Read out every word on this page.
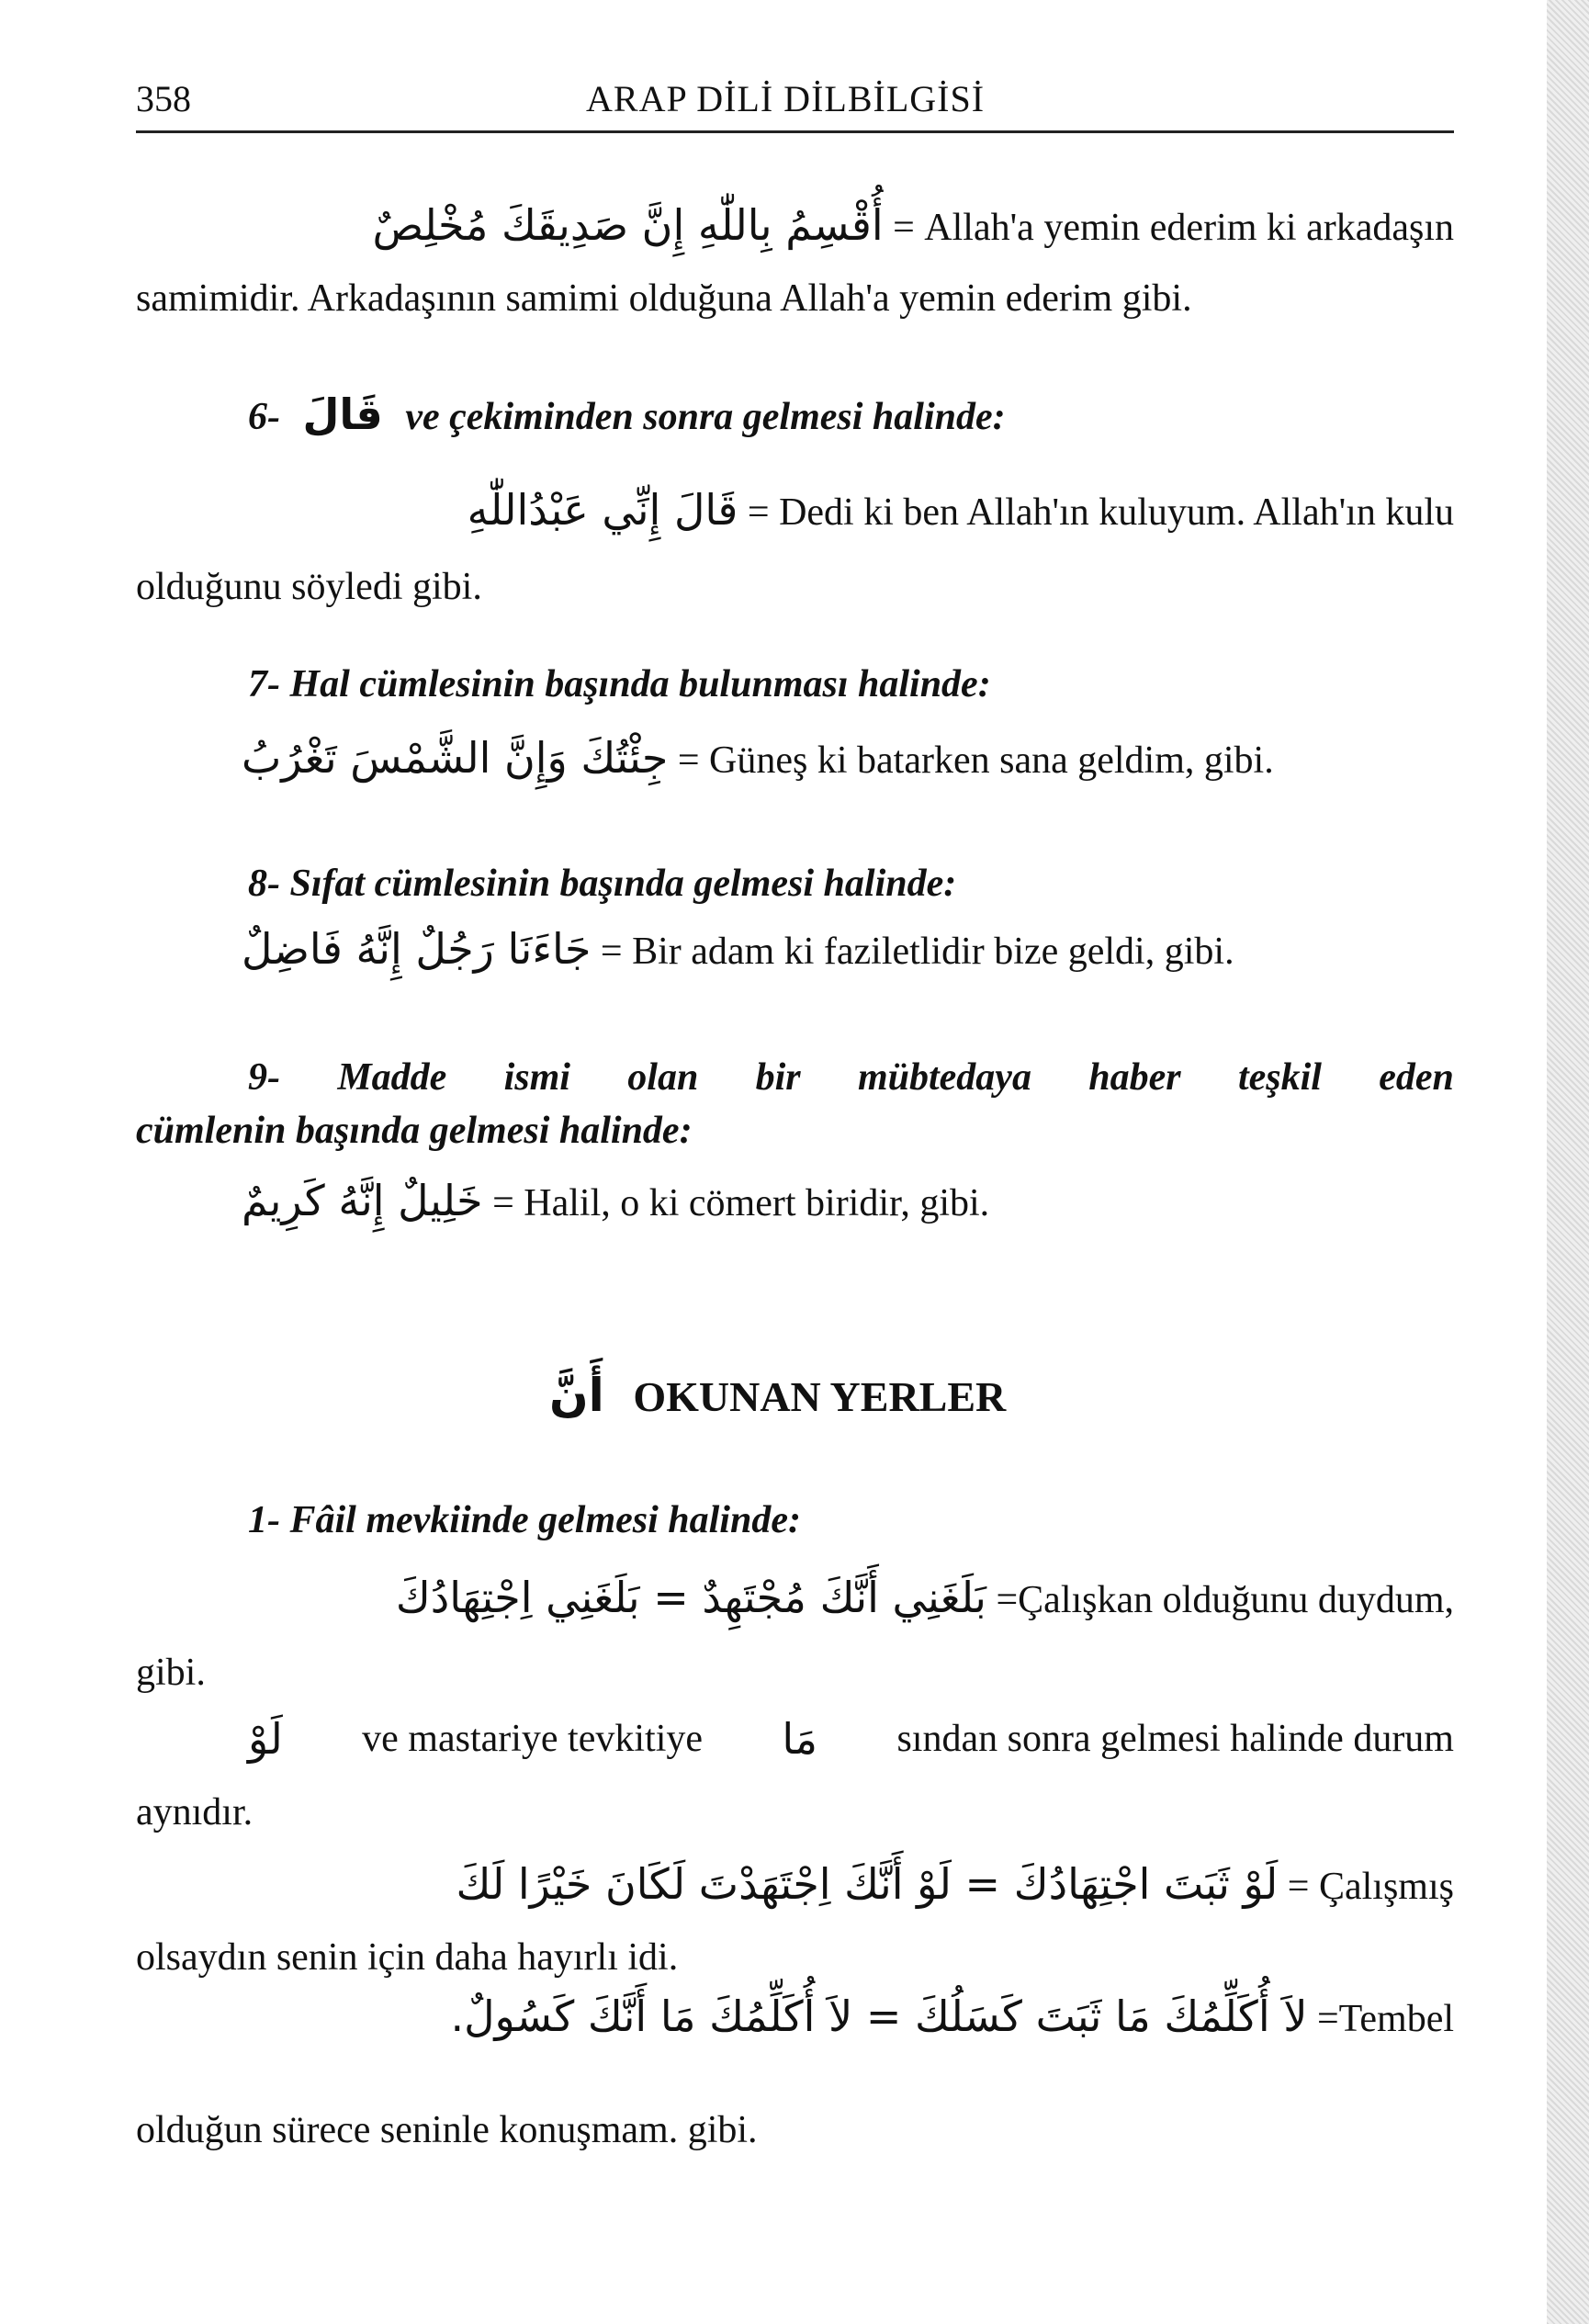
358	ARAP DİLİ DİLBİLGİSİ
أُقْسِمُ بِاللّٰهِ إِنَّ صَدِيقَكَ مُخْلِصٌ = Allah'a yemin ederim ki arkadaşın
samimidir. Arkadaşının samimi olduğuna Allah'a yemin ederim gibi.
6- قَالَ ve çekiminden sonra gelmesi halinde:
قَالَ إِنِّي عَبْدُاللّٰهِ = Dedi ki ben Allah'ın kuluyum. Allah'ın kulu
olduğunu söyledi gibi.
7- Hal cümlesinin başında bulunması halinde:
جِئْتُكَ وَإِنَّ الشَّمْسَ تَغْرُبُ = Güneş ki batarken sana geldim, gibi.
8- Sıfat cümlesinin başında gelmesi halinde:
جَاءَنَا رَجُلٌ إِنَّهُ فَاضِلٌ = Bir adam ki faziletlidir bize geldi, gibi.
9- Madde ismi olan bir mübtedaya haber teşkil eden
cümlenin başında gelmesi halinde:
خَلِيلٌ إِنَّهُ كَرِيمٌ = Halil, o ki cömert biridir, gibi.
أَنَّ OKUNAN YERLER
1- Fâil mevkiinde gelmesi halinde:
بَلَغَنِي أَنَّكَ مُجْتَهِدٌ = بَلَغَنِي اِجْتِهَادُكَ =Çalışkan olduğunu duydum,
gibi.
لَوْ ve mastariye tevkitiye مَا sından sonra gelmesi halinde durum
aynıdır.
لَوْ ثَبَتَ اجْتِهَادُكَ = لَوْ أَنَّكَ اِجْتَهَدْتَ لَكَانَ خَيْرًا لَكَ = Çalışmış
olsaydın senin için daha hayırlı idi.
لاَ أُكَلِّمُكَ مَا ثَبَتَ كَسَلُكَ = لاَ أُكَلِّمُكَ مَا أَنَّكَ كَسُولٌ. =Tembel
olduğun sürece seninle konuşmam. gibi.
